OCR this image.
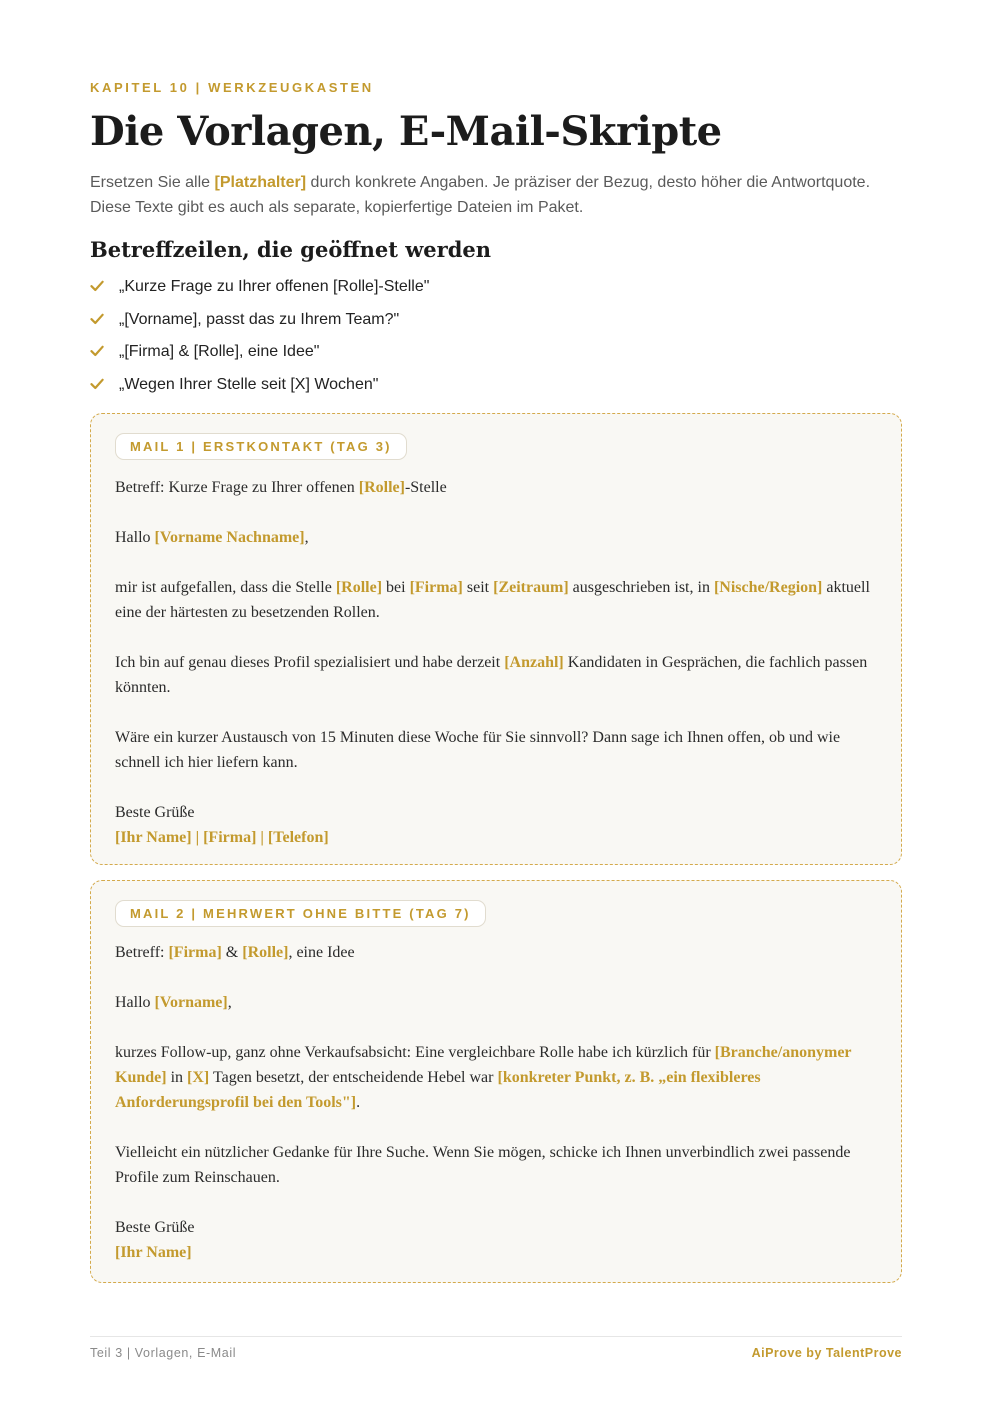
KAPITEL 10 | WERKZEUGKASTEN
Die Vorlagen, E-Mail-Skripte
Ersetzen Sie alle [Platzhalter] durch konkrete Angaben. Je präziser der Bezug, desto höher die Antwortquote. Diese Texte gibt es auch als separate, kopierfertige Dateien im Paket.
Betreffzeilen, die geöffnet werden
„Kurze Frage zu Ihrer offenen [Rolle]-Stelle"
„[Vorname], passt das zu Ihrem Team?"
„[Firma] & [Rolle], eine Idee"
„Wegen Ihrer Stelle seit [X] Wochen"
MAIL 1 | ERSTKONTAKT (TAG 3)

Betreff: Kurze Frage zu Ihrer offenen [Rolle]-Stelle

Hallo [Vorname Nachname],

mir ist aufgefallen, dass die Stelle [Rolle] bei [Firma] seit [Zeitraum] ausgeschrieben ist, in [Nische/Region] aktuell eine der härtesten zu besetzenden Rollen.

Ich bin auf genau dieses Profil spezialisiert und habe derzeit [Anzahl] Kandidaten in Gesprächen, die fachlich passen könnten.

Wäre ein kurzer Austausch von 15 Minuten diese Woche für Sie sinnvoll? Dann sage ich Ihnen offen, ob und wie schnell ich hier liefern kann.

Beste Grüße
[Ihr Name] | [Firma] | [Telefon]

MAIL 2 | MEHRWERT OHNE BITTE (TAG 7)

Betreff: [Firma] & [Rolle], eine Idee

Hallo [Vorname],

kurzes Follow-up, ganz ohne Verkaufsabsicht: Eine vergleichbare Rolle habe ich kürzlich für [Branche/anonymer Kunde] in [X] Tagen besetzt, der entscheidende Hebel war [konkreter Punkt, z. B. „ein flexibleres Anforderungsprofil bei den Tools"].

Vielleicht ein nützlicher Gedanke für Ihre Suche. Wenn Sie mögen, schicke ich Ihnen unverbindlich zwei passende Profile zum Reinschauen.

Beste Grüße
[Ihr Name]

Teil 3 | Vorlagen, E-Mail	AiProve by TalentProve
